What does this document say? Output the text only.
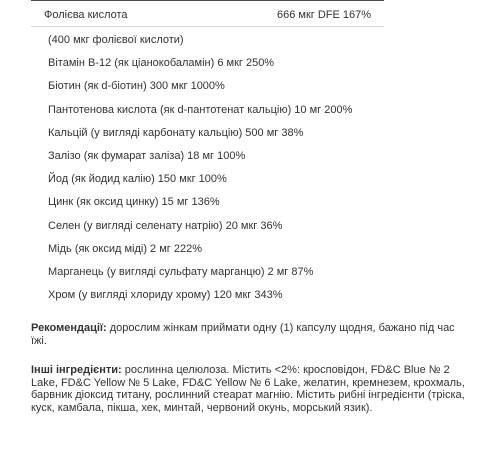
Фолієва кислота	666 мкг DFE 167%
(400 мкг фолієвої кислоти)
Вітамін B-12 (як ціанокобаламін) 6 мкг 250%
Біотин (як d-біотин) 300 мкг 1000%
Пантотенова кислота (як d-пантотенат кальцію) 10 мг 200%
Кальцій (у вигляді карбонату кальцію) 500 мг 38%
Залізо (як фумарат заліза) 18 мг 100%
Йод (як йодид калію) 150 мкг 100%
Цинк (як оксид цинку) 15 мг 136%
Селен (у вигляді селенату натрію) 20 мкг 36%
Мідь (як оксид міді) 2 мг 222%
Марганець (у вигляді сульфату марганцю) 2 мг 87%
Хром (у вигляді хлориду хрому) 120 мкг 343%

Рекомендації: дорослим жінкам приймати одну (1) капсулу щодня, бажано під час їжі.

Інші інгредієнти: рослинна целюлоза. Містить <2%: кросповідон, FD&C Blue № 2 Lake, FD&C Yellow № 5 Lake, FD&C Yellow № 6 Lake, желатин, кремнезем, крохмаль, барвник діоксид титану, рослинний стеарат магнію. Містить рибні інгредієнти (тріска, куск, камбала, пікша, хек, минтай, червоний окунь, морський язик).
